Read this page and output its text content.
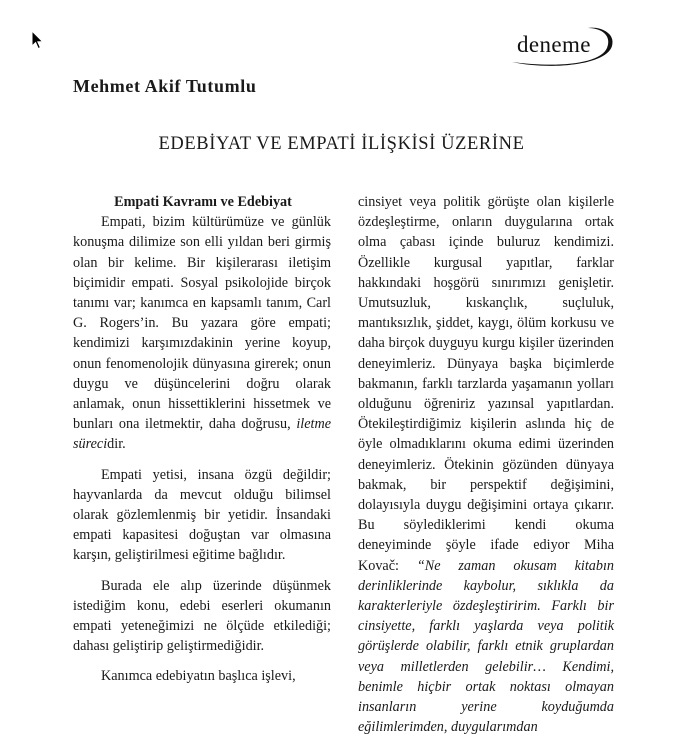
deneme
Mehmet Akif Tutumlu
EDEBİYAT VE EMPATİ İLİŞKİSİ ÜZERİNE
Empati Kavramı ve Edebiyat

Empati, bizim kültürümüze ve günlük konuşma dilimize son elli yıldan beri girmiş olan bir kelime. Bir kişilerarası iletişim biçimidir empati. Sosyal psikolojide birçok tanımı var; kanımca en kapsamlı tanım, Carl G. Rogers’in. Bu yazara göre empati; kendimizi karşımızdakinin yerine koyup, onun fenomenolojik dünyasına girerek; onun duygu ve düşüncelerini doğru olarak anlamak, onun hissettiklerini hissetmek ve bunları ona iletmektir, daha doğrusu, iletme sürecidir.

Empati yetisi, insana özgü değildir; hayvanlarda da mevcut olduğu bilimsel olarak gözlemlenmiş bir yetidir. İnsandaki empati kapasitesi doğuştan var olmasına karşın, geliştirilmesi eğitime bağlıdır.

Burada ele alıp üzerinde düşünmek istediğim konu, edebi eserleri okumanın empati yeteneğimizi ne ölçüde etkilediği; dahası geliştirip geliştirmediğidir.

Kanımca edebiyatın başlıca işlevi,

cinsiyet veya politik görüşte olan kişilerle özdeşleştirme, onların duygularına ortak olma çabası içinde buluruz kendimizi. Özellikle kurgusal yapıtlar, farklar hakkındaki hoşgörü sınırımızı genişletir. Umutsuzluk, kıskançlık, suçluluk, mantıksızlık, şiddet, kaygı, ölüm korkusu ve daha birçok duyguyu kurgu kişiler üzerinden deneyimleriz. Dünyaya başka biçimlerde bakmanın, farklı tarzlarda yaşamanın yolları olduğunu öğreniriz yazınsal yapıtlardan. Ötekileştirdiğimiz kişilerin aslında hiç de öyle olmadıklarını okuma edimi üzerinden deneyimleriz. Ötekinin gözünden dünyaya bakmak, bir perspektif değişimini, dolayısıyla duygu değişimini ortaya çıkarır. Bu söylediklerimi kendi okuma deneyiminde şöyle ifade ediyor Miha Kovač: “Ne zaman okusam kitabın derinliklerinde kaybolur, sıklıkla da karakterleriyle özdeşleştiririm. Farklı bir cinsiyette, farklı yaşlarda veya politik görüşlerde olabilir, farklı etnik gruplardan veya milletlerden gelebilir… Kendimi, benimle hiçbir ortak noktası olmayan insanların yerine koyduğumda eğilimlerimden, duygularımdan
